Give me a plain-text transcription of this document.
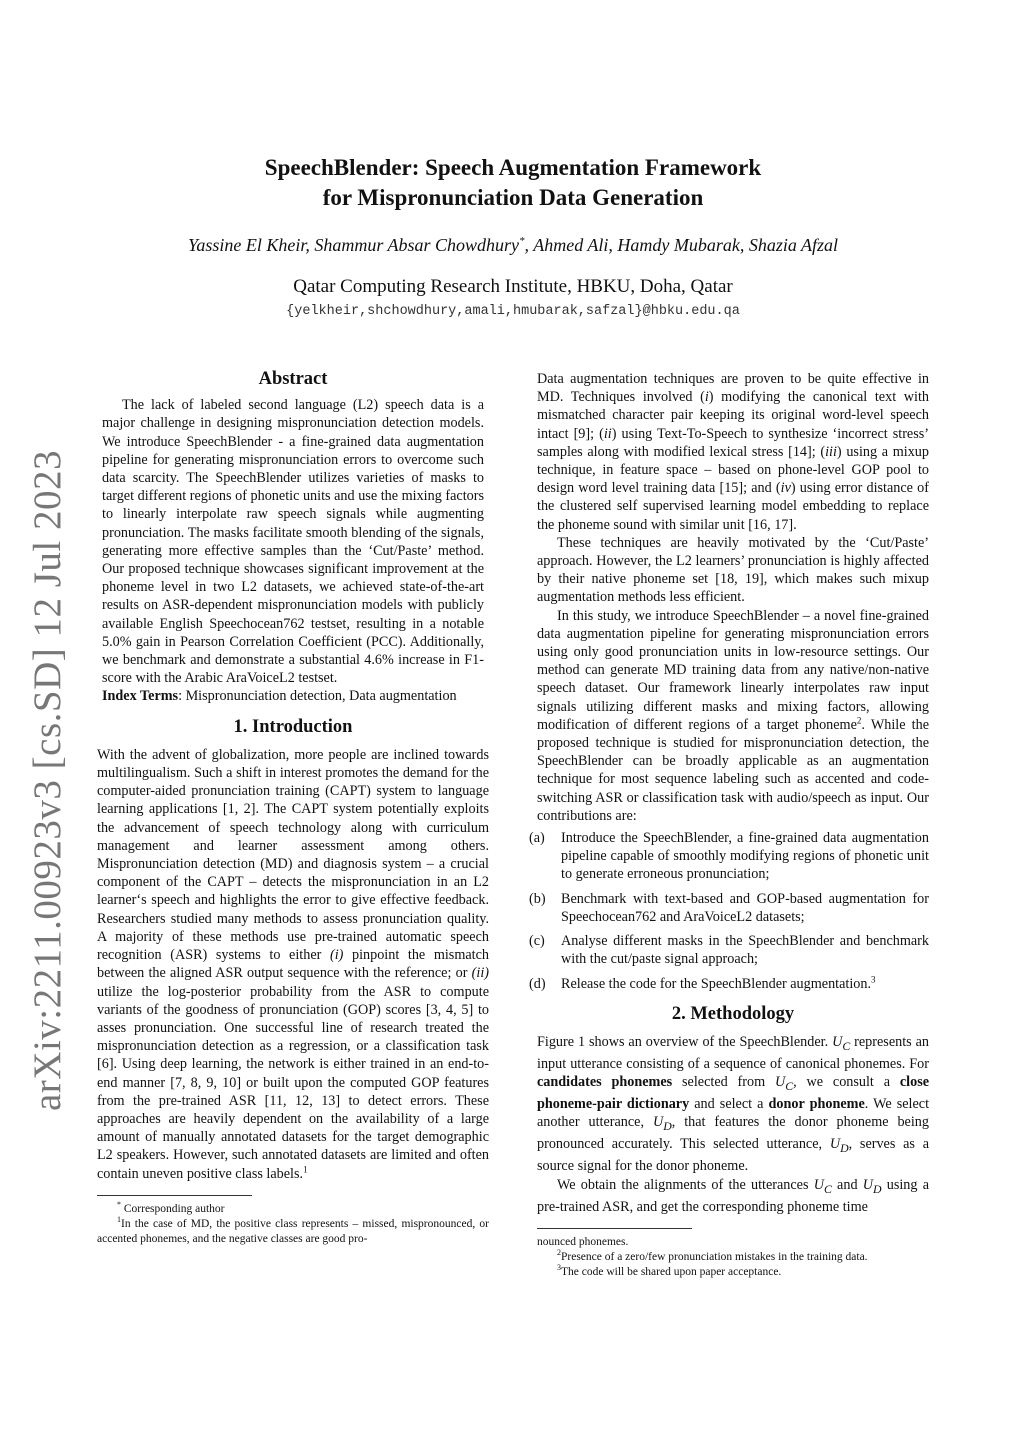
arXiv:2211.00923v3 [cs.SD] 12 Jul 2023
SpeechBlender: Speech Augmentation Framework
for Mispronunciation Data Generation
Yassine El Kheir, Shammur Absar Chowdhury*, Ahmed Ali, Hamdy Mubarak, Shazia Afzal
Qatar Computing Research Institute, HBKU, Doha, Qatar
{yelkheir,shchowdhury,amali,hmubarak,safzal}@hbku.edu.qa
Abstract

The lack of labeled second language (L2) speech data is a major challenge in designing mispronunciation detection models. We introduce SpeechBlender - a fine-grained data augmentation pipeline for generating mispronunciation errors to overcome such data scarcity. The SpeechBlender utilizes varieties of masks to target different regions of phonetic units and use the mixing factors to linearly interpolate raw speech signals while augmenting pronunciation. The masks facilitate smooth blending of the signals, generating more effective samples than the ‘Cut/Paste’ method. Our proposed technique showcases significant improvement at the phoneme level in two L2 datasets, we achieved state-of-the-art results on ASR-dependent mispronunciation models with publicly available English Speechocean762 testset, resulting in a notable 5.0% gain in Pearson Correlation Coefficient (PCC). Additionally, we benchmark and demonstrate a substantial 4.6% increase in F1-score with the Arabic AraVoiceL2 testset.

Index Terms: Mispronunciation detection, Data augmentation

1. Introduction

With the advent of globalization, more people are inclined towards multilingualism. Such a shift in interest promotes the demand for the computer-aided pronunciation training (CAPT) system to language learning applications [1, 2]. The CAPT system potentially exploits the advancement of speech technology along with curriculum management and learner assessment among others. Mispronunciation detection (MD) and diagnosis system – a crucial component of the CAPT – detects the mispronunciation in an L2 learner‘s speech and highlights the error to give effective feedback. Researchers studied many methods to assess pronunciation quality. A majority of these methods use pre-trained automatic speech recognition (ASR) systems to either (i) pinpoint the mismatch between the aligned ASR output sequence with the reference; or (ii) utilize the log-posterior probability from the ASR to compute variants of the goodness of pronunciation (GOP) scores [3, 4, 5] to asses pronunciation. One successful line of research treated the mispronunciation detection as a regression, or a classification task [6]. Using deep learning, the network is either trained in an end-to-end manner [7, 8, 9, 10] or built upon the computed GOP features from the pre-trained ASR [11, 12, 13] to detect errors. These approaches are heavily dependent on the availability of a large amount of manually annotated datasets for the target demographic L2 speakers. However, such annotated datasets are limited and often contain uneven positive class labels.$^1$

* Corresponding author

$^1$In the case of MD, the positive class represents – missed, mispronounced, or accented phonemes, and the negative classes are good pro-

Data augmentation techniques are proven to be quite effective in MD. Techniques involved (i) modifying the canonical text with mismatched character pair keeping its original word-level speech intact [9]; (ii) using Text-To-Speech to synthesize ‘incorrect stress’ samples along with modified lexical stress [14]; (iii) using a mixup technique, in feature space – based on phone-level GOP pool to design word level training data [15]; and (iv) using error distance of the clustered self supervised learning model embedding to replace the phoneme sound with similar unit [16, 17].

These techniques are heavily motivated by the ‘Cut/Paste’ approach. However, the L2 learners’ pronunciation is highly affected by their native phoneme set [18, 19], which makes such mixup augmentation methods less efficient.

In this study, we introduce SpeechBlender – a novel fine-grained data augmentation pipeline for generating mispronunciation errors using only good pronunciation units in low-resource settings. Our method can generate MD training data from any native/non-native speech dataset. Our framework linearly interpolates raw input signals utilizing different masks and mixing factors, allowing modification of different regions of a target phoneme$^2$. While the proposed technique is studied for mispronunciation detection, the SpeechBlender can be broadly applicable as an augmentation technique for most sequence labeling such as accented and code-switching ASR or classification task with audio/speech as input. Our contributions are:

(a) Introduce the SpeechBlender, a fine-grained data augmentation pipeline capable of smoothly modifying regions of phonetic unit to generate erroneous pronunciation;
(b) Benchmark with text-based and GOP-based augmentation for Speechocean762 and AraVoiceL2 datasets;
(c) Analyse different masks in the SpeechBlender and benchmark with the cut/paste signal approach;
(d) Release the code for the SpeechBlender augmentation.$^3$
2. Methodology

Figure 1 shows an overview of the SpeechBlender. $U_C$ represents an input utterance consisting of a sequence of canonical phonemes. For candidates phonemes selected from $U_C$, we consult a close phoneme-pair dictionary and select a donor phoneme. We select another utterance, $U_D$, that features the donor phoneme being pronounced accurately. This selected utterance, $U_D$, serves as a source signal for the donor phoneme.

We obtain the alignments of the utterances $U_C$ and $U_D$ using a pre-trained ASR, and get the corresponding phoneme time

nounced phonemes.

$^2$Presence of a zero/few pronunciation mistakes in the training data.

$^3$The code will be shared upon paper acceptance.
